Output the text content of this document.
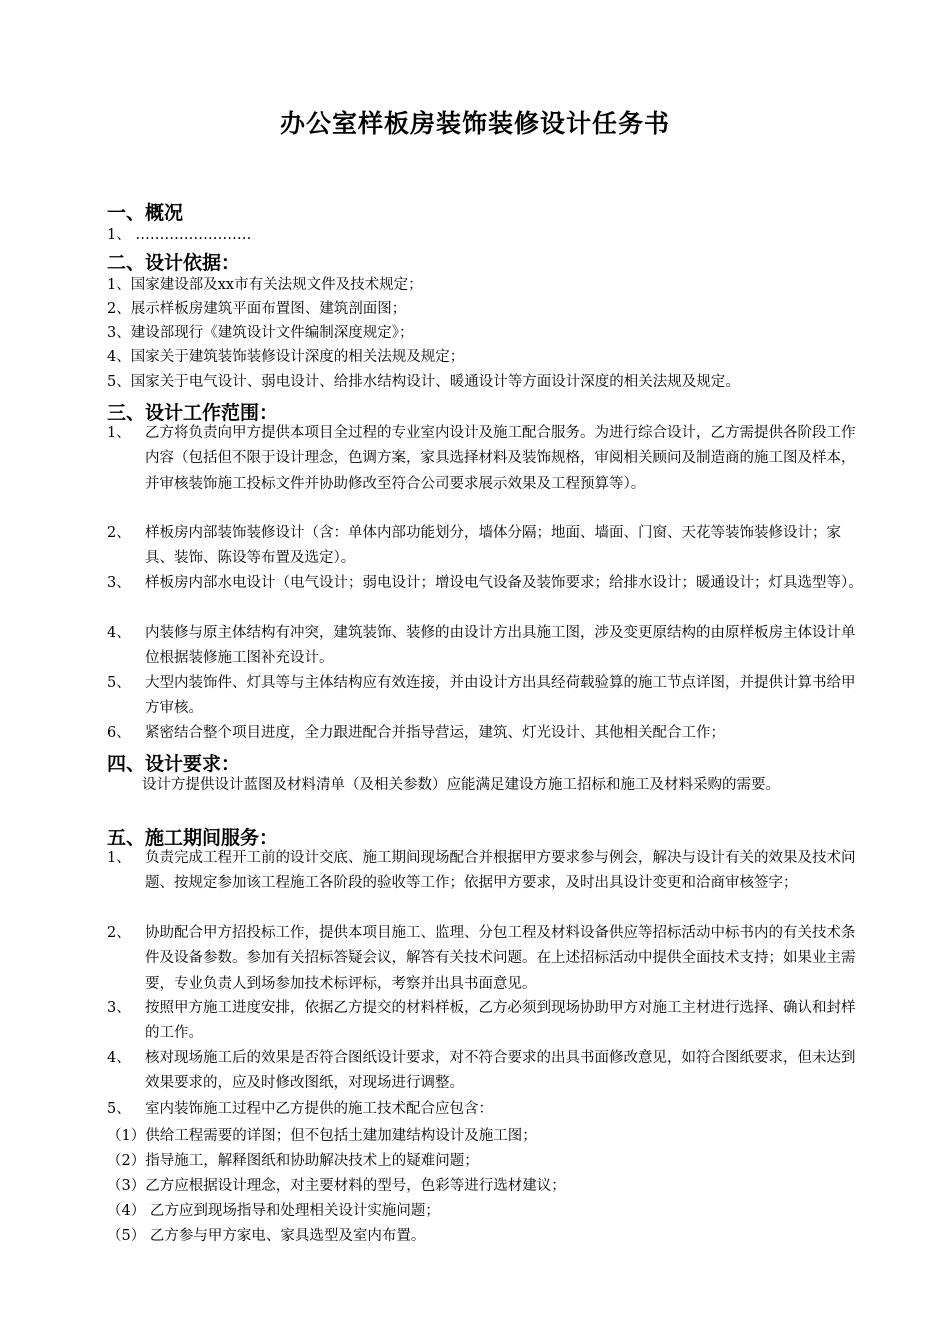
办公室样板房装饰装修设计任务书
一、概况
1、 ……………………
二、设计依据：
1、国家建设部及xx市有关法规文件及技术规定；
2、展示样板房建筑平面布置图、建筑剖面图；
3、建设部现行《建筑设计文件编制深度规定》；
4、国家关于建筑装饰装修设计深度的相关法规及规定；
5、国家关于电气设计、弱电设计、给排水结构设计、暖通设计等方面设计深度的相关法规及规定。
三、设计工作范围：
1、 乙方将负责向甲方提供本项目全过程的专业室内设计及施工配合服务。为进行综合设计，乙方需提供各阶段工作内容（包括但不限于设计理念，色调方案，家具选择材料及装饰规格，审阅相关顾问及制造商的施工图及样本，并审核装饰施工投标文件并协助修改至符合公司要求展示效果及工程预算等）。
2、 样板房内部装饰装修设计（含：单体内部功能划分，墙体分隔；地面、墙面、门窗、天花等装饰装修设计；家具、装饰、陈设等布置及选定）。
3、 样板房内部水电设计（电气设计；弱电设计；增设电气设备及装饰要求；给排水设计；暖通设计；灯具选型等）。
4、 内装修与原主体结构有冲突，建筑装饰、装修的由设计方出具施工图，涉及变更原结构的由原样板房主体设计单位根据装修施工图补充设计。
5、 大型内装饰件、灯具等与主体结构应有效连接，并由设计方出具经荷载验算的施工节点详图，并提供计算书给甲方审核。
6、 紧密结合整个项目进度，全力跟进配合并指导营运，建筑、灯光设计、其他相关配合工作；
四、设计要求：
设计方提供设计蓝图及材料清单（及相关参数）应能满足建设方施工招标和施工及材料采购的需要。
五、施工期间服务：
1、 负责完成工程开工前的设计交底、施工期间现场配合并根据甲方要求参与例会，解决与设计有关的效果及技术问题、按规定参加该工程施工各阶段的验收等工作；依据甲方要求，及时出具设计变更和洽商审核签字；
2、 协助配合甲方招投标工作，提供本项目施工、监理、分包工程及材料设备供应等招标活动中标书内的有关技术条件及设备参数。参加有关招标答疑会议，解答有关技术问题。在上述招标活动中提供全面技术支持；如果业主需要，专业负责人到场参加技术标评标，考察并出具书面意见。
3、 按照甲方施工进度安排，依据乙方提交的材料样板，乙方必须到现场协助甲方对施工主材进行选择、确认和封样的工作。
4、 核对现场施工后的效果是否符合图纸设计要求，对不符合要求的出具书面修改意见，如符合图纸要求，但未达到效果要求的，应及时修改图纸，对现场进行调整。
5、 室内装饰施工过程中乙方提供的施工技术配合应包含：
（1）供给工程需要的详图；但不包括土建加建结构设计及施工图；
（2）指导施工，解释图纸和协助解决技术上的疑难问题；
（3）乙方应根据设计理念，对主要材料的型号，色彩等进行选材建议；
（4） 乙方应到现场指导和处理相关设计实施问题；
（5） 乙方参与甲方家电、家具选型及室内布置。
